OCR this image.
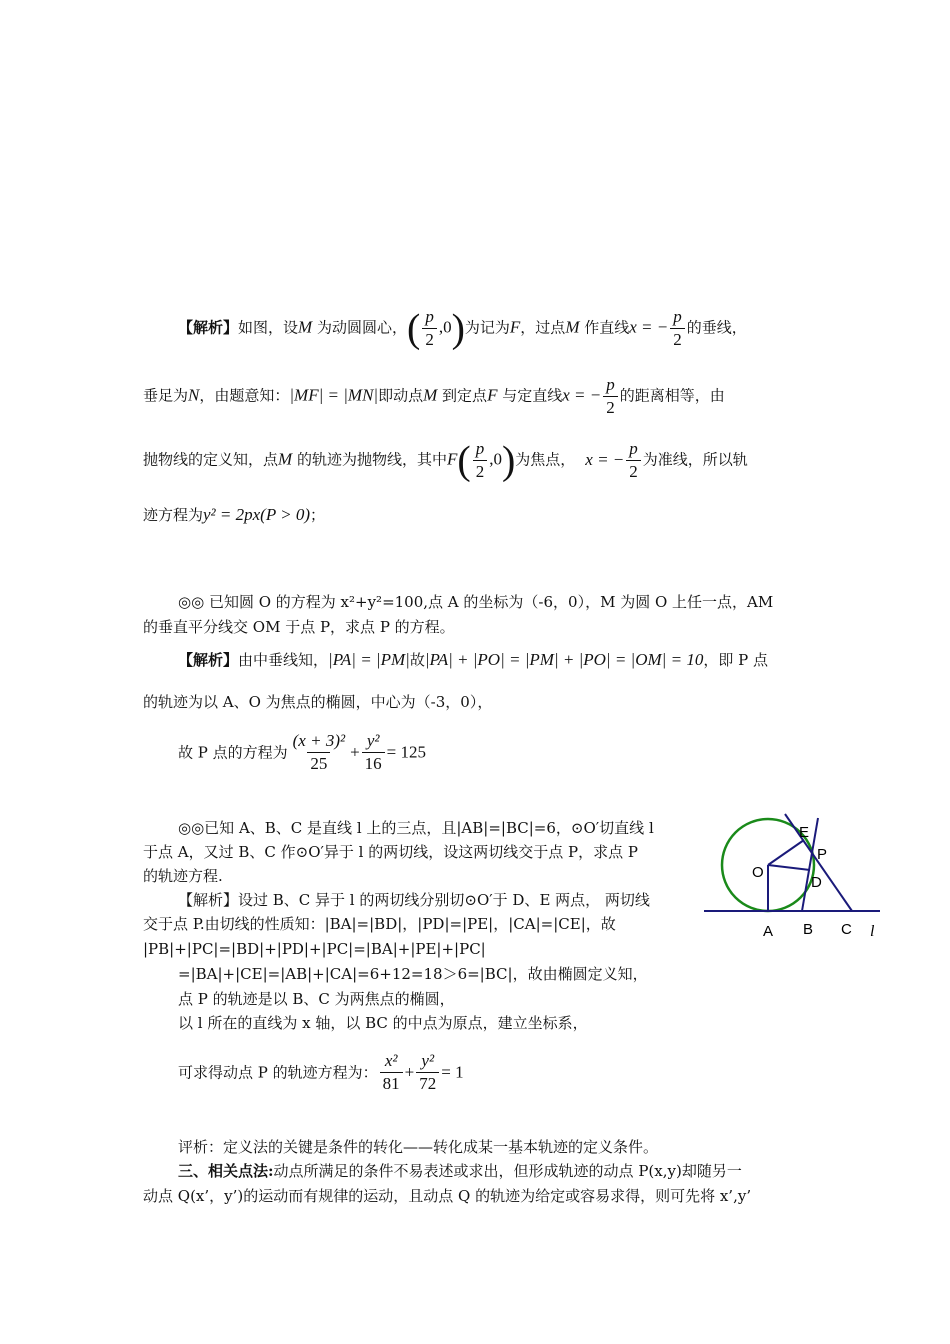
【解析】如图，设M 为动圆圆心，( $\frac{p}{2} ,0$)为记为F，过点M 作直线x = − $\frac{p}{2}$ 的垂线，
垂足为N，由题意知：|MF| = |MN|即动点M 到定点F 与定直线x = − $\frac{p}{2}$ 的距离相等，由
抛物线的定义知，点M 的轨迹为抛物线，其中$F( \frac{p}{2} ,0)$为焦点， x = − $\frac{p}{2}$ 为准线，所以轨
迹方程为y² = 2px(P > 0)；
◎◎ 已知圆 O 的方程为 x²+y²=100,点 A 的坐标为（-6，0），M 为圆 O 上任一点，AM
的垂直平分线交 OM 于点 P，求点 P 的方程。
【解析】由中垂线知，|PA| = |PM|故|PA| + |PO| = |PM| + |PO| = |OM| = 10，即 P 点
的轨迹为以 A、O 为焦点的椭圆，中心为（-3，0），
故 P 点的方程为 $\frac{\text{(x + 3)²}}{25} + \frac{\text{y²}}{16} = 125$
◎◎已知 A、B、C 是直线 l 上的三点，且|AB|=|BC|=6，⊙O′切直线 l
于点 A，又过 B、C 作⊙O′异于 l 的两切线，设这两切线交于点 P，求点 P
的轨迹方程.
【解析】设过 B、C 异于 l 的两切线分别切⊙O′于 D、E 两点， 两切线
交于点 P.由切线的性质知：|BA|=|BD|，|PD|=|PE|，|CA|=|CE|，故
|PB|+|PC|=|BD|+|PD|+|PC|=|BA|+|PE|+|PC|
=|BA|+|CE|=|AB|+|CA|=6+12=18＞6=|BC|，故由椭圆定义知，
点 P 的轨迹是以 B、C 为两焦点的椭圆，
以 l 所在的直线为 x 轴，以 BC 的中点为原点，建立坐标系，
可求得动点 P 的轨迹方程为： $\frac{\text{x²}}{81} + \frac{\text{y²}}{72} = 1$
E
P
O
D
A B C l
评析：定义法的关键是条件的转化——转化成某一基本轨迹的定义条件。
三、相关点法:动点所满足的条件不易表述或求出，但形成轨迹的动点 P(x,y)却随另一
动点 Q(x’，y’)的运动而有规律的运动，且动点 Q 的轨迹为给定或容易求得，则可先将 x’,y’
